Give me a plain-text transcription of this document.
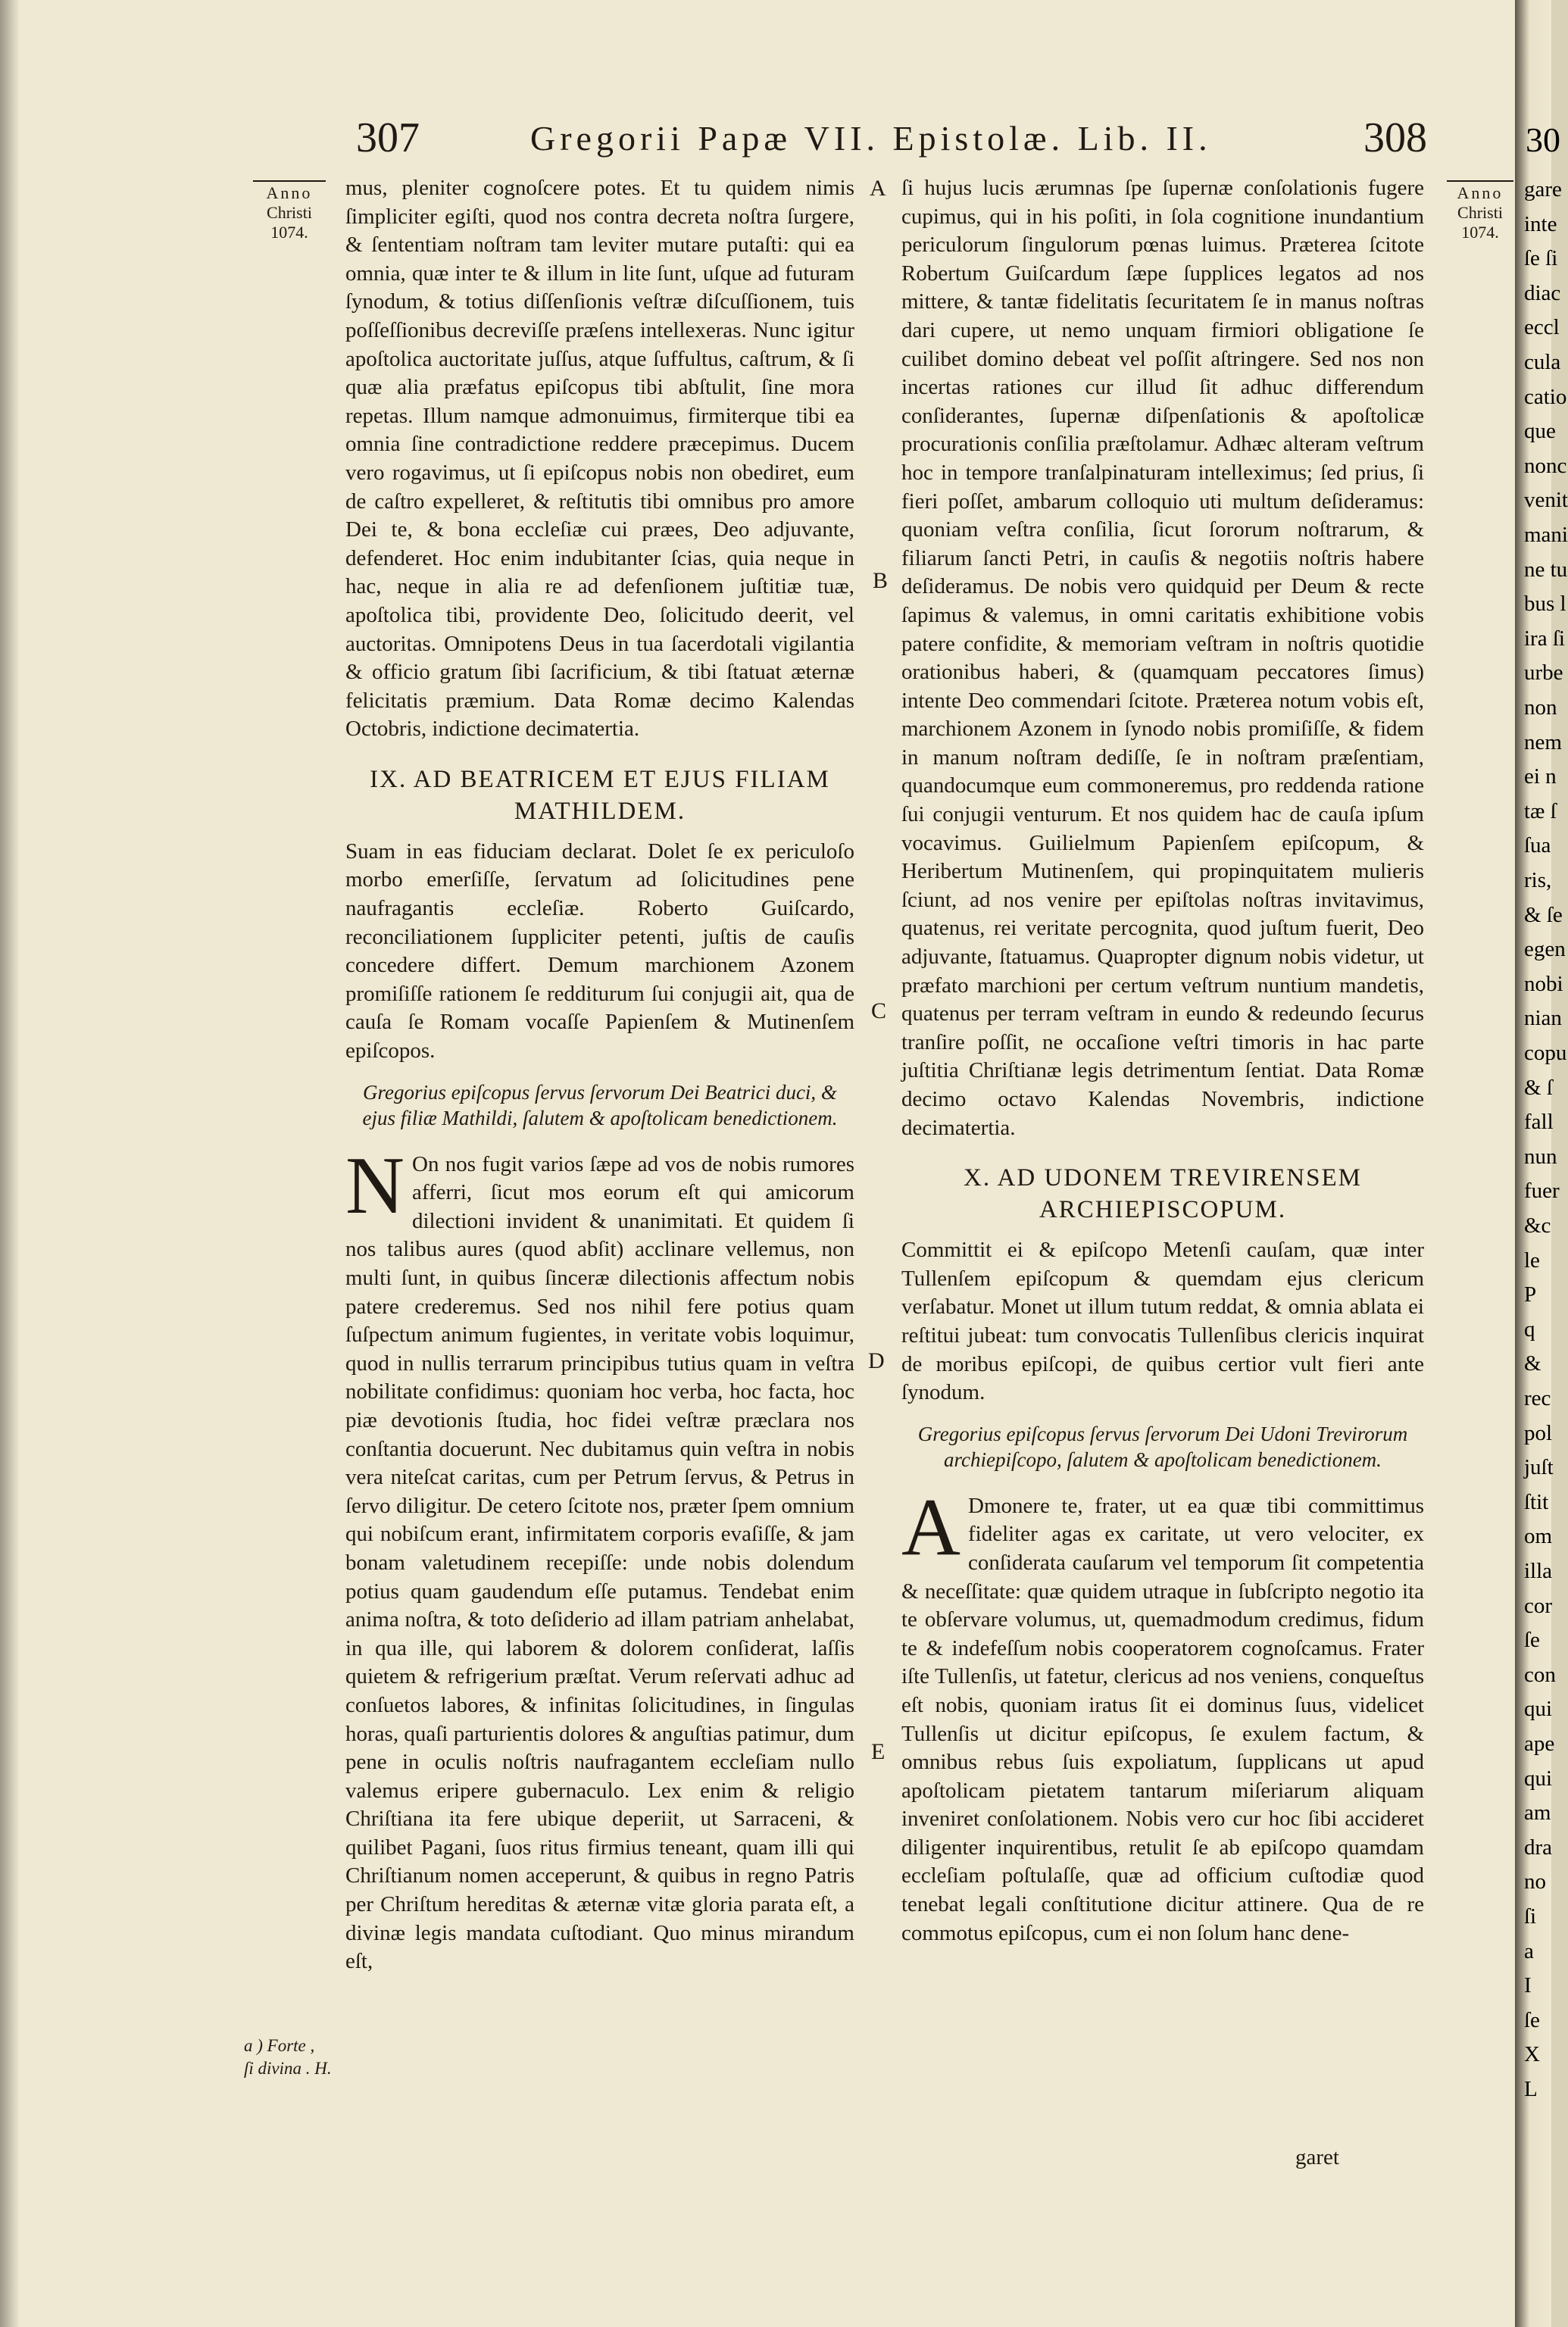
307	Gregorii Papæ VII. Epistolæ. Lib. II.	308
Anno
Christi
1074.
Anno
Christi
1074.
A
B
C
D
E
a ) Forte ,
ſi divina . H.

mus, pleniter cognoſcere potes. Et tu quidem nimis ſimpliciter egiſti, quod nos contra decreta noſtra ſurgere, & ſententiam noſtram tam leviter mutare putaſti: qui ea omnia, quæ inter te & illum in lite ſunt, uſque ad futuram ſynodum, & totius diſſenſionis veſtræ diſcuſſionem, tuis poſſeſſionibus decreviſſe præſens intellexeras. Nunc igitur apoſtolica auctoritate juſſus, atque ſuffultus, caſtrum, & ſi quæ alia præfatus epiſcopus tibi abſtulit, ſine mora repetas. Illum namque admonuimus, firmiterque tibi ea omnia ſine contradictione reddere præcepimus. Ducem vero rogavimus, ut ſi epiſcopus nobis non obediret, eum de caſtro expelleret, & reſtitutis tibi omnibus pro amore Dei te, & bona eccleſiæ cui præes, Deo adjuvante, defenderet. Hoc enim indubitanter ſcias, quia neque in hac, neque in alia re ad defenſionem juſtitiæ tuæ, apoſtolica tibi, providente Deo, ſolicitudo deerit, vel auctoritas. Omnipotens Deus in tua ſacerdotali vigilantia & officio gratum ſibi ſacrificium, & tibi ſtatuat æternæ felicitatis præmium. Data Romæ decimo Kalendas Octobris, indictione decimatertia.

IX. AD BEATRICEM ET EJUS FILIAM MATHILDEM.

Suam in eas fiduciam declarat. Dolet ſe ex periculoſo morbo emerſiſſe, ſervatum ad ſolicitudines pene naufragantis eccleſiæ. Roberto Guiſcardo, reconciliationem ſuppliciter petenti, juſtis de cauſis concedere differt. Demum marchionem Azonem promiſiſſe rationem ſe redditurum ſui conjugii ait, qua de cauſa ſe Romam vocaſſe Papienſem & Mutinenſem epiſcopos.

Gregorius epiſcopus ſervus ſervorum Dei Beatrici duci, & ejus filiæ Mathildi, ſalutem & apoſtolicam benedictionem.

N On nos fugit varios ſæpe ad vos de nobis rumores afferri, ſicut mos eorum eſt qui amicorum dilectioni invident & unanimitati. Et quidem ſi nos talibus aures (quod abſit) acclinare vellemus, non multi ſunt, in quibus ſinceræ dilectionis affectum nobis patere crederemus. Sed nos nihil fere potius quam ſuſpectum animum fugientes, in veritate vobis loquimur, quod in nullis terrarum principibus tutius quam in veſtra nobilitate confidimus: quoniam hoc verba, hoc facta, hoc piæ devotionis ſtudia, hoc fidei veſtræ præclara nos conſtantia docuerunt. Nec dubitamus quin veſtra in nobis vera niteſcat caritas, cum per Petrum ſervus, & Petrus in ſervo diligitur. De cetero ſcitote nos, præter ſpem omnium qui nobiſcum erant, infirmitatem corporis evaſiſſe, & jam bonam valetudinem recepiſſe: unde nobis dolendum potius quam gaudendum eſſe putamus. Tendebat enim anima noſtra, & toto deſiderio ad illam patriam anhelabat, in qua ille, qui laborem & dolorem conſiderat, laſſis quietem & refrigerium præſtat. Verum reſervati adhuc ad conſuetos labores, & infinitas ſolicitudines, in ſingulas horas, quaſi parturientis dolores & anguſtias patimur, dum pene in oculis noſtris naufragantem eccleſiam nullo valemus eripere gubernaculo. Lex enim & religio Chriſtiana ita fere ubique deperiit, ut Sarraceni, & quilibet Pagani, ſuos ritus firmius teneant, quam illi qui Chriſtianum nomen acceperunt, & quibus in regno Patris per Chriſtum hereditas & æternæ vitæ gloria parata eſt, a divinæ legis mandata cuſtodiant. Quo minus mirandum eſt,

ſi hujus lucis ærumnas ſpe ſupernæ conſolationis fugere cupimus, qui in his poſiti, in ſola cognitione inundantium periculorum ſingulorum pœnas luimus. Præterea ſcitote Robertum Guiſcardum ſæpe ſupplices legatos ad nos mittere, & tantæ fidelitatis ſecuritatem ſe in manus noſtras dari cupere, ut nemo unquam firmiori obligatione ſe cuilibet domino debeat vel poſſit aſtringere. Sed nos non incertas rationes cur illud ſit adhuc differendum conſiderantes, ſupernæ diſpenſationis & apoſtolicæ procurationis conſilia præſtolamur. Adhæc alteram veſtrum hoc in tempore tranſalpinaturam intelleximus; ſed prius, ſi fieri poſſet, ambarum colloquio uti multum deſideramus: quoniam veſtra conſilia, ſicut ſororum noſtrarum, & filiarum ſancti Petri, in cauſis & negotiis noſtris habere deſideramus. De nobis vero quidquid per Deum & recte ſapimus & valemus, in omni caritatis exhibitione vobis patere confidite, & memoriam veſtram in noſtris quotidie orationibus haberi, & (quamquam peccatores ſimus) intente Deo commendari ſcitote. Præterea notum vobis eſt, marchionem Azonem in ſynodo nobis promiſiſſe, & fidem in manum noſtram dediſſe, ſe in noſtram præſentiam, quandocumque eum commoneremus, pro reddenda ratione ſui conjugii venturum. Et nos quidem hac de cauſa ipſum vocavimus. Guilielmum Papienſem epiſcopum, & Heribertum Mutinenſem, qui propinquitatem mulieris ſciunt, ad nos venire per epiſtolas noſtras invitavimus, quatenus, rei veritate percognita, quod juſtum fuerit, Deo adjuvante, ſtatuamus. Quapropter dignum nobis videtur, ut præfato marchioni per certum veſtrum nuntium mandetis, quatenus per terram veſtram in eundo & redeundo ſecurus tranſire poſſit, ne occaſione veſtri timoris in hac parte juſtitia Chriſtianæ legis detrimentum ſentiat. Data Romæ decimo octavo Kalendas Novembris, indictione decimatertia.

X. AD UDONEM TREVIRENSEM ARCHIEPISCOPUM.

Committit ei & epiſcopo Metenſi cauſam, quæ inter Tullenſem epiſcopum & quemdam ejus clericum verſabatur. Monet ut illum tutum reddat, & omnia ablata ei reſtitui jubeat: tum convocatis Tullenſibus clericis inquirat de moribus epiſcopi, de quibus certior vult fieri ante ſynodum.

Gregorius epiſcopus ſervus ſervorum Dei Udoni Trevirorum archiepiſcopo, ſalutem & apoſtolicam benedictionem.

A Dmonere te, frater, ut ea quæ tibi committimus fideliter agas ex caritate, ut vero velociter, ex conſiderata cauſarum vel temporum ſit competentia & neceſſitate: quæ quidem utraque in ſubſcripto negotio ita te obſervare volumus, ut, quemadmodum credimus, fidum te & indefeſſum nobis cooperatorem cognoſcamus. Frater iſte Tullenſis, ut fatetur, clericus ad nos veniens, conqueſtus eſt nobis, quoniam iratus ſit ei dominus ſuus, videlicet Tullenſis ut dicitur epiſcopus, ſe exulem factum, & omnibus rebus ſuis expoliatum, ſupplicans ut apud apoſtolicam pietatem tantarum miſeriarum aliquam inveniret conſolationem. Nobis vero cur hoc ſibi accideret diligenter inquirentibus, retulit ſe ab epiſcopo quamdam eccleſiam poſtulaſſe, quæ ad officium cuſtodiæ quod tenebat legali conſtitutione dicitur attinere. Qua de re commotus epiſcopus, cum ei non ſolum hanc dene-

garet
30
gare
inte
ſe ſi
diac
eccl
cula
catio
que
nonc
venit
mani
ne tu
bus l
ira ſi
urbe
non
nem
ei n
tæ ſ
ſua
ris,
& ſe
egen
nobi
nian
copu
& ſ
fall
nun
fuer
&c
le
P
q
&
rec
pol
juſt
ſtit
om
illa
cor
ſe
con
qui
ape
qui
am
dra
no
ſi
a
I
ſe
X
L
